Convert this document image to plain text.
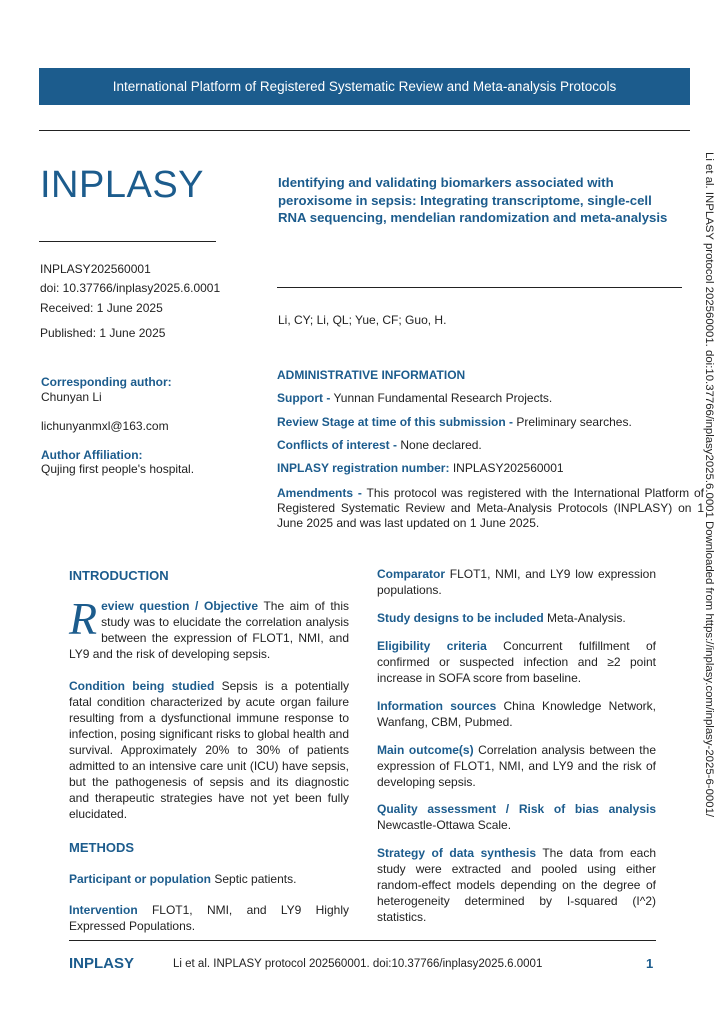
International Platform of Registered Systematic Review and Meta-analysis Protocols
Li et al. INPLASY protocol 202560001. doi:10.37766/inplasy2025.6.0001 Downloaded from https://inplasy.com/inplasy-2025-6-0001/
INPLASY	Identifying and validating biomarkers associated with peroxisome in sepsis: Integrating transcriptome, single-cell RNA sequencing, mendelian randomization and meta-analysis
INPLASY202560001
doi: 10.37766/inplasy2025.6.0001
Received: 1 June 2025
Published: 1 June 2025
Li, CY; Li, QL; Yue, CF; Guo, H.
Corresponding author:
Chunyan Li
lichunyanmxl@163.com
Author Affiliation:
Qujing first people's hospital.
ADMINISTRATIVE INFORMATION
Support - Yunnan Fundamental Research Projects.
Review Stage at time of this submission - Preliminary searches.
Conflicts of interest - None declared.
INPLASY registration number: INPLASY202560001
Amendments - This protocol was registered with the International Platform of Registered Systematic Review and Meta-Analysis Protocols (INPLASY) on 1 June 2025 and was last updated on 1 June 2025.
INTRODUCTION
R eview question / Objective The aim of this study was to elucidate the correlation analysis between the expression of FLOT1, NMI, and LY9 and the risk of developing sepsis.
Condition being studied Sepsis is a potentially fatal condition characterized by acute organ failure resulting from a dysfunctional immune response to infection, posing significant risks to global health and survival. Approximately 20% to 30% of patients admitted to an intensive care unit (ICU) have sepsis, but the pathogenesis of sepsis and its diagnostic and therapeutic strategies have not yet been fully elucidated.
METHODS
Participant or population Septic patients.
Intervention FLOT1, NMI, and LY9 Highly Expressed Populations.
Comparator FLOT1, NMI, and LY9 low expression populations.
Study designs to be included Meta-Analysis.
Eligibility criteria Concurrent fulfillment of confirmed or suspected infection and ≥2 point increase in SOFA score from baseline.
Information sources China Knowledge Network, Wanfang, CBM, Pubmed.
Main outcome(s) Correlation analysis between the expression of FLOT1, NMI, and LY9 and the risk of developing sepsis.
Quality assessment / Risk of bias analysis Newcastle-Ottawa Scale.
Strategy of data synthesis The data from each study were extracted and pooled using either random-effect models depending on the degree of heterogeneity determined by I-squared (I^2) statistics.
INPLASY	Li et al. INPLASY protocol 202560001. doi:10.37766/inplasy2025.6.0001	1
